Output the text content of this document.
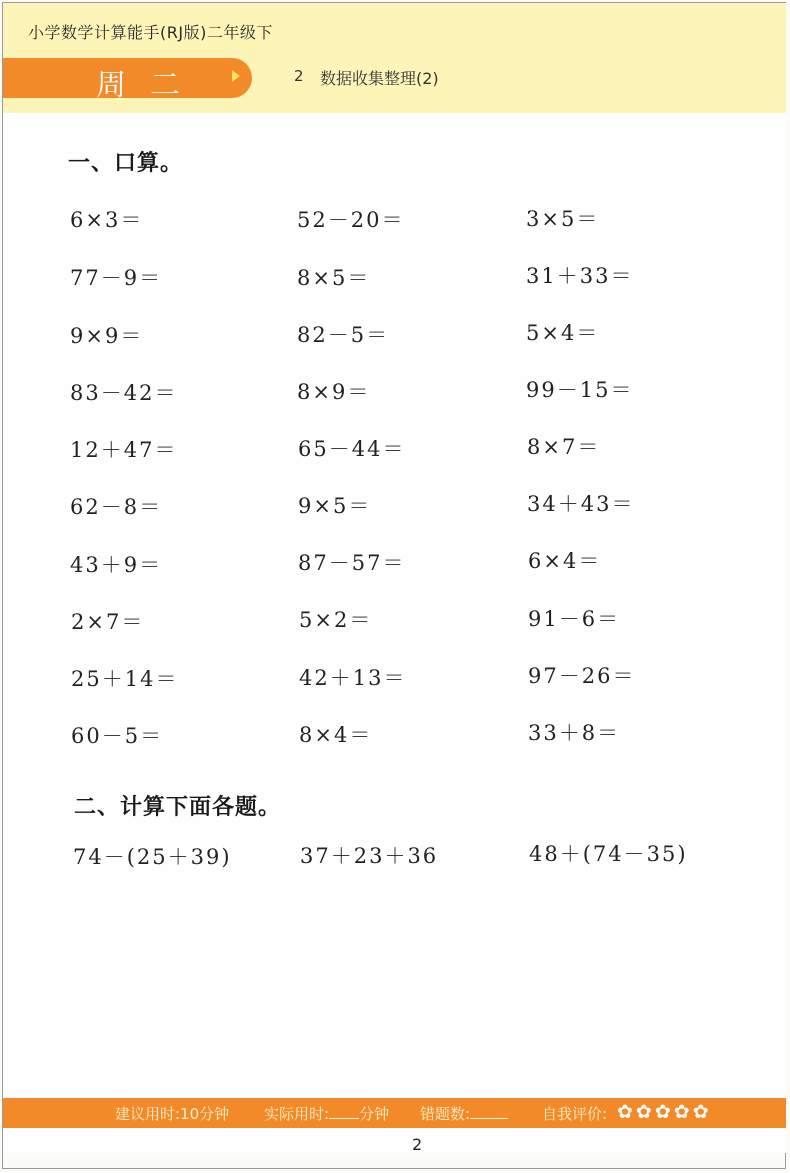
小学数学计算能手(RJ版)二年级下
周二	2 数据收集整理(2)
一、口算。
6×3＝	52－20＝	3×5＝
77－9＝	8×5＝	31＋33＝
9×9＝	82－5＝	5×4＝
83－42＝	8×9＝	99－15＝
12＋47＝	65－44＝	8×7＝
62－8＝	9×5＝	34＋43＝
43＋9＝	87－57＝	6×4＝
2×7＝	5×2＝	91－6＝
25＋14＝	42＋13＝	97－26＝
60－5＝	8×4＝	33＋8＝
二、计算下面各题。
74－(25＋39)	37＋23＋36	48＋(74－35)
建议用时:10分钟 实际用时: 分钟 错题数:	自我评价: ✿ ✿ ✿ ✿ ✿
2
